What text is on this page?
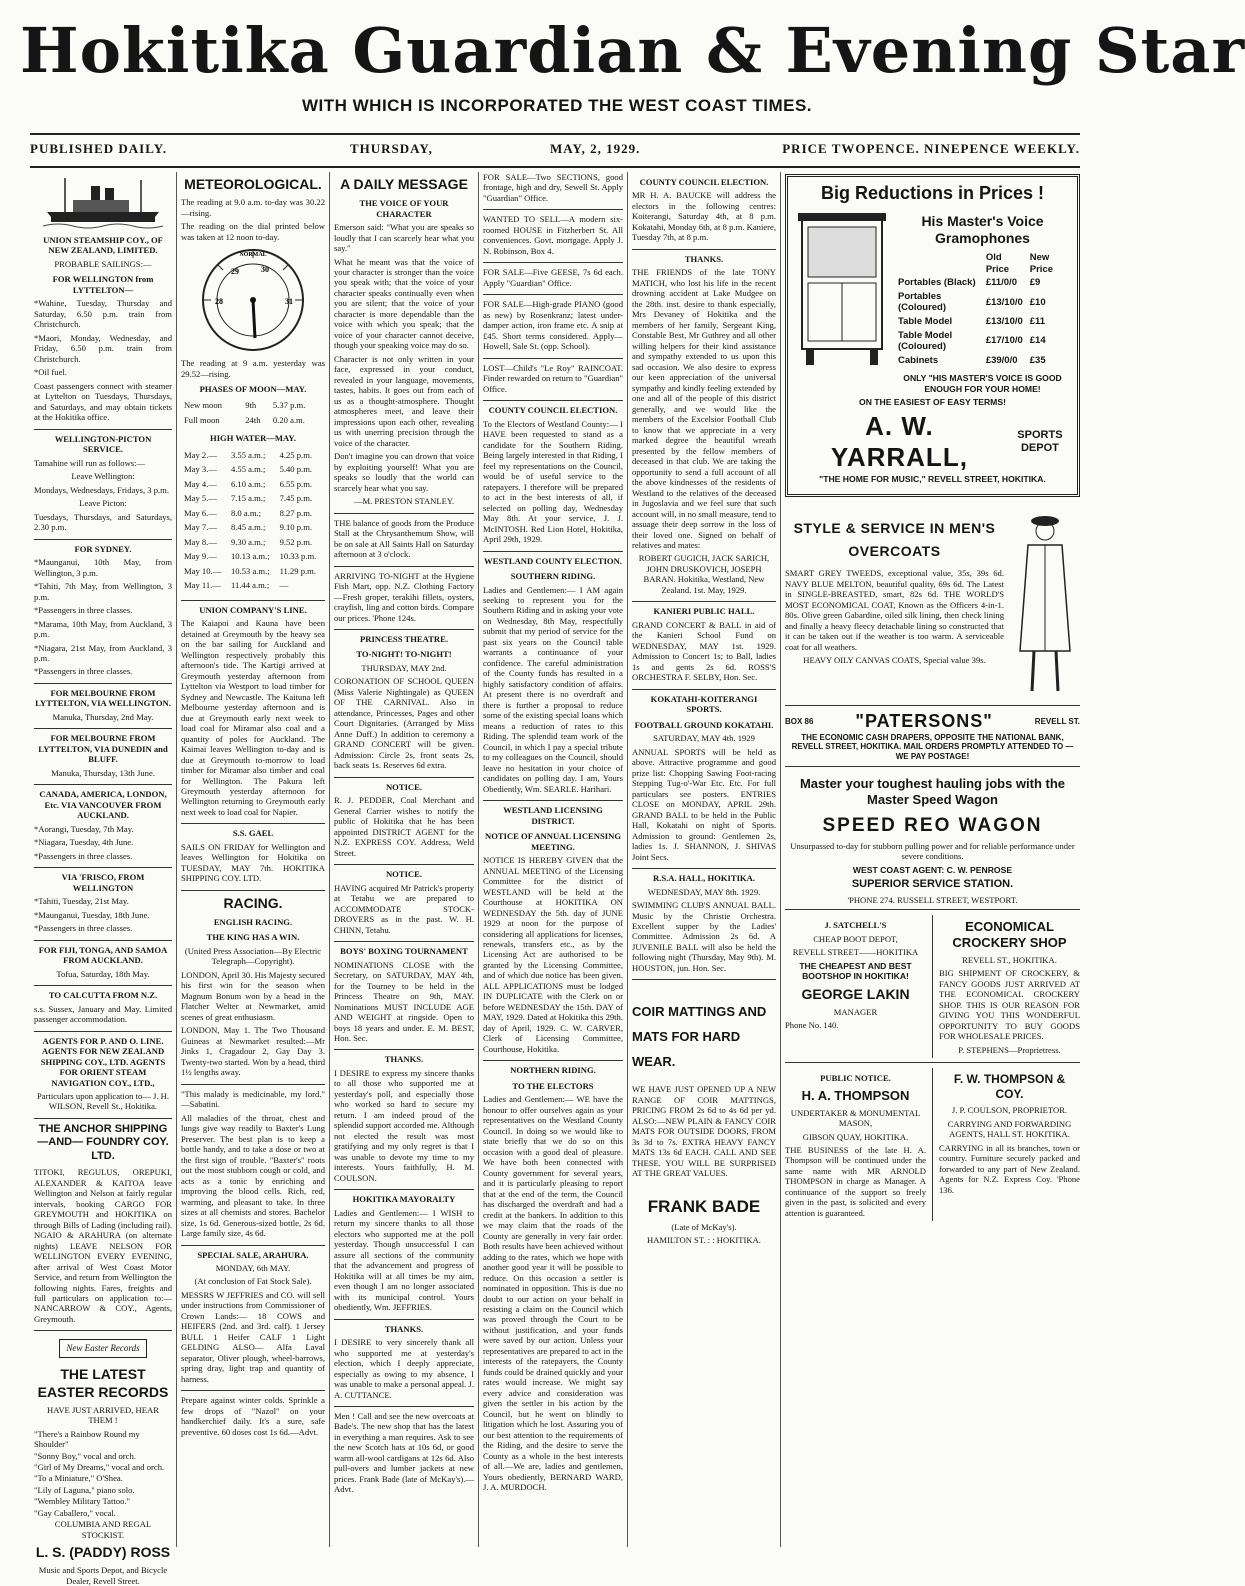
Hokitika Guardian & Evening Star
WITH WHICH IS INCORPORATED THE WEST COAST TIMES.
PUBLISHED DAILY.	THURSDAY,	MAY, 2, 1929.	PRICE TWOPENCE. NINEPENCE WEEKLY.
UNION STEAMSHIP COY., OF NEW ZEALAND, LIMITED.

PROBABLE SAILINGS:—

FOR WELLINGTON from LYTTELTON—

*Wahine, Tuesday, Thursday and Saturday, 6.50 p.m. train from Christchurch.

*Maori, Monday, Wednesday, and Friday, 6.50 p.m. train from Christchurch.

*Oil fuel.

Coast passengers connect with steamer at Lyttelton on Tuesdays, Thursdays, and Saturdays, and may obtain tickets at the Hokitika office.

WELLINGTON-PICTON SERVICE.

Tamahine will run as follows:—

Leave Wellington:

Mondays, Wednesdays, Fridays, 3 p.m.

Leave Picton:

Tuesdays, Thursdays, and Saturdays, 2.30 p.m.

FOR SYDNEY.

*Maunganui, 10th May, from Wellington, 3 p.m.

*Tahiti, 7th May, from Wellington, 3 p.m.

*Passengers in three classes.

*Marama, 10th May, from Auckland, 3 p.m.

*Niagara, 21st May, from Auckland, 3 p.m.

*Passengers in three classes.

FOR MELBOURNE FROM LYTTELTON, VIA WELLINGTON.

Manuka, Thursday, 2nd May.

FOR MELBOURNE FROM LYTTELTON, VIA DUNEDIN and BLUFF.

Manuka, Thursday, 13th June.

CANADA, AMERICA, LONDON, Etc. VIA VANCOUVER FROM AUCKLAND.

*Aorangi, Tuesday, 7th May.

*Niagara, Tuesday, 4th June.

*Passengers in three classes.

VIA 'FRISCO, FROM WELLINGTON

*Tahiti, Tuesday, 21st May.

*Maunganui, Tuesday, 18th June.

*Passengers in three classes.

FOR FIJI, TONGA, AND SAMOA FROM AUCKLAND.

Tofua, Saturday, 18th May.

TO CALCUTTA FROM N.Z.

s.s. Sussex, January and May. Limited passenger accommodation.

AGENTS FOR P. AND O. LINE. AGENTS FOR NEW ZEALAND SHIPPING COY., LTD. AGENTS FOR ORIENT STEAM NAVIGATION COY., LTD.,

Particulars upon application to— J. H. WILSON, Revell St., Hokitika.

THE ANCHOR SHIPPING —AND— FOUNDRY COY. LTD.

TITOKI, REGULUS, OREPUKI, ALEXANDER & KAITOA leave Wellington and Nelson at fairly regular intervals, booking CARGO FOR GREYMOUTH and HOKITIKA on through Bills of Lading (including rail). NGAIO & ARAHURA (on alternate nights) LEAVE NELSON FOR WELLINGTON EVERY EVENING, after arrival of West Coast Motor Service, and return from Wellington the following nights. Fares, freights and full particulars on application to:— NANCARROW & COY., Agents, Greymouth.

New Easter Records
THE LATEST EASTER RECORDS

HAVE JUST ARRIVED, HEAR THEM !

"There's a Rainbow Round my Shoulder"
"Sonny Boy," vocal and orch.
"Girl of My Dreams," vocal and orch.
"To a Miniature," O'Shea.
"Lily of Laguna," piano solo.
"Wembley Military Tattoo."
"Gay Caballero," vocal.

COLUMBIA AND REGAL STOCKIST.

L. S. (PADDY) ROSS

Music and Sports Depot, and Bicycle Dealer, Revell Street.

METEOROLOGICAL.

The reading at 9.0 a.m. to-day was 30.22—rising.

The reading on the dial printed below was taken at 12 noon to-day.

NORMAL
28
29	30
31

The reading at 9 a.m. yesterday was 29.52—rising.

PHASES OF MOON—MAY.
New moon	9th	5.37 p.m.
Full moon	24th	0.20 a.m.
HIGH WATER—MAY.
May 2.—	3.55 a.m.;	4.25 p.m.
May 3.—	4.55 a.m.;	5.40 p.m.
May 4.—	6.10 a.m.;	6.55 p.m.
May 5.—	7.15 a.m.;	7.45 p.m.
May 6.—	8.0 a.m.;	8.27 p.m.
May 7.—	8.45 a.m.;	9.10 p.m.
May 8.—	9.30 a.m.;	9.52 p.m.
May 9.—	10.13 a.m.;	10.33 p.m.
May 10.—	10.53 a.m.;	11.29 p.m.
May 11.—	11.44 a.m.;	—
UNION COMPANY'S LINE.

The Kaiapoi and Kauna have been detained at Greymouth by the heavy sea on the bar sailing for Auckland and Wellington respectively probably this afternoon's tide. The Kartigi arrived at Greymouth yesterday afternoon from Lyttelton via Westport to load timber for Sydney and Newcastle. The Kaituna left Melbourne yesterday afternoon and is due at Greymouth early next week to load coal for Miramar also coal and a quantity of poles for Auckland. The Kaimai leaves Wellington to-day and is due at Greymouth to-morrow to load timber for Miramar also timber and coal for Wellington. The Pakura left Greymouth yesterday afternoon for Wellington returning to Greymouth early next week to load coal for Napier.

S.S. GAEL

SAILS ON FRIDAY for Wellington and leaves Wellington for Hokitika on TUESDAY, MAY 7th. HOKITIKA SHIPPING COY. LTD.

RACING.
ENGLISH RACING.
THE KING HAS A WIN.

(United Press Association—By Electric Telegraph—Copyright).

LONDON, April 30. His Majesty secured his first win for the season when Magnum Bonum won by a head in the Flatcher Welter at Newmarket, amid scenes of great enthusiasm.

LONDON, May 1. The Two Thousand Guineas at Newmarket resulted:—Mr Jinks 1, Cragadour 2, Gay Day 3. Twenty-two started. Won by a head, third 1½ lengths away.

"This malady is medicinable, my lord." —Sabatini.

All maladies of the throat, chest and lungs give way readily to Baxter's Lung Preserver. The best plan is to keep a bottle handy, and to take a dose or two at the first sign of trouble. "Baxter's" roots out the most stubborn cough or cold, and acts as a tonic by enriching and improving the blood cells. Rich, red, warming, and pleasant to take. In three sizes at all chemists and stores. Bachelor size, 1s 6d. Generous-sized bottle, 2s 6d. Large family size, 4s 6d.

SPECIAL SALE, ARAHURA.

MONDAY, 6th MAY.

(At conclusion of Fat Stock Sale).

MESSRS W JEFFRIES and CO. will sell under instructions from Commissioner of Crown Lands:— 18 COWS and HEIFERS (2nd. and 3rd. calf). 1 Jersey BULL 1 Heifer CALF 1 Light GELDING ALSO— Alfa Laval separator, Oliver plough, wheel-barrows, spring dray, light trap and quantity of harness.

Prepare against winter colds. Sprinkle a few drops of "Nazol" on your handkerchief daily. It's a sure, safe preventive. 60 doses cost 1s 6d.—Advt.

A DAILY MESSAGE
THE VOICE OF YOUR CHARACTER

Emerson said: "What you are speaks so loudly that I can scarcely hear what you say."

What he meant was that the voice of your character is stronger than the voice you speak with; that the voice of your character speaks continually even when you are silent; that the voice of your character is more dependable than the voice with which you speak; that the voice of your character cannot deceive, though your speaking voice may do so.

Character is not only written in your face, expressed in your conduct, revealed in your language, movements, tastes, habits. It goes out from each of us as a thought-atmosphere. Thought atmospheres meet, and leave their impressions upon each other, revealing us with unerring precision through the voice of the character.

Don't imagine you can drown that voice by exploiting yourself! What you are speaks so loudly that the world can scarcely hear what you say.

—M. PRESTON STANLEY.

THE balance of goods from the Produce Stall at the Chrysanthemum Show, will be on sale at All Saints Hall on Saturday afternoon at 3 o'clock.

ARRIVING TO-NIGHT at the Hygiene Fish Mart, opp. N.Z. Clothing Factory—Fresh groper, terakihi fillets, oysters, crayfish, ling and cotton birds. Compare our prices. 'Phone 124s.

PRINCESS THEATRE.
TO-NIGHT! TO-NIGHT!

THURSDAY, MAY 2nd.

CORONATION OF SCHOOL QUEEN (Miss Valerie Nightingale) as QUEEN OF THE CARNIVAL. Also in attendance, Princesses, Pages and other Court Dignitaries. (Arranged by Miss Anne Duff.) In addition to ceremony a GRAND CONCERT will be given. Admission: Circle 2s, front seats 2s, back seats 1s. Reserves 6d extra.

NOTICE.

R. J. PEDDER, Coal Merchant and General Carrier wishes to notify the public of Hokitika that he has been appointed DISTRICT AGENT for the N.Z. EXPRESS COY. Address, Weld Street.

NOTICE.

HAVING acquired Mr Patrick's property at Tetahu we are prepared to ACCOMMODATE STOCK-DROVERS as in the past. W. H. CHINN, Tetahu.

BOYS' BOXING TOURNAMENT

NOMINATIONS CLOSE with the Secretary, on SATURDAY, MAY 4th, for the Tourney to be held in the Princess Theatre on 9th, MAY. Nominations MUST INCLUDE AGE AND WEIGHT at ringside. Open to boys 18 years and under. E. M. BEST, Hon. Sec.

THANKS.

I DESIRE to express my sincere thanks to all those who supported me at yesterday's poll, and especially those who worked so hard to secure my return. I am indeed proud of the splendid support accorded me. Although not elected the result was most gratifying and my only regret is that I was unable to devote my time to my interests. Yours faithfully, H. M. COULSON.

HOKITIKA MAYORALTY

Ladies and Gentlemen:— I WISH to return my sincere thanks to all those electors who supported me at the poll yesterday. Though unsuccessful I can assure all sections of the community that the advancement and progress of Hokitika will at all times be my aim, even though I am no longer associated with its municipal control. Yours obediently, Wm. JEFFRIES.

THANKS.

I DESIRE to very sincerely thank all who supported me at yesterday's election, which I deeply appreciate, especially as owing to my absence, I was unable to make a personal appeal. J. A. CUTTANCE.

Men ! Call and see the new overcoats at Bade's. The new shop that has the latest in everything a man requires. Ask to see the new Scotch hats at 10s 6d, or good warm all-wool cardigans at 12s 6d. Also pull-overs and lumber jackets at new prices. Frank Bade (late of McKay's).—Advt.

FOR SALE—Two SECTIONS, good frontage, high and dry, Sewell St. Apply "Guardian" Office.

WANTED TO SELL—A modern six-roomed HOUSE in Fitzherbert St. All conveniences. Govt. mortgage. Apply J. N. Robinson, Box 4.

FOR SALE—Five GEESE, 7s 6d each. Apply "Guardian" Office.

FOR SALE—High-grade PIANO (good as new) by Rosenkranz; latest under-damper action, iron frame etc. A snip at £45. Short terms considered. Apply—Howell, Sale St. (opp. School).

LOST—Child's "Le Roy" RAINCOAT. Finder rewarded on return to "Guardian" Office.

COUNTY COUNCIL ELECTION.

To the Electors of Westland County:— I HAVE been requested to stand as a candidate for the Southern Riding. Being largely interested in that Riding, I feel my representations on the Council, would be of useful service to the ratepayers. I therefore will be prepared to act in the best interests of all, if selected on polling day, Wednesday May 8th. At your service, J. J. McINTOSH. Red Lion Hotel, Hokitika, April 29th, 1929.

WESTLAND COUNTY ELECTION.
SOUTHERN RIDING.

Ladies and Gentlemen:— I AM again seeking to represent you for the Southern Riding and in asking your vote on Wednesday, 8th May, respectfully submit that my period of service for the past six years on the Council table warrants a continuance of your confidence. The careful administration of the County funds has resulted in a highly satisfactory condition of affairs. At present there is no overdraft and there is further a proposal to reduce some of the existing special loans which means a reduction of rates to this Riding. The splendid team work of the Council, in which I pay a special tribute to my colleagues on the Council, should leave no hesitation in your choice of candidates on polling day. I am, Yours Obediently, Wm. SEARLE. Harihari.

WESTLAND LICENSING DISTRICT.
NOTICE OF ANNUAL LICENSING MEETING.

NOTICE IS HEREBY GIVEN that the ANNUAL MEETING of the Licensing Committee for the district of WESTLAND will be held at the Courthouse at HOKITIKA ON WEDNESDAY the 5th. day of JUNE 1929 at noon for the purpose of considering all applications for licenses, renewals, transfers etc., as by the Licensing Act are authorised to be granted by the Licensing Committee, and of which due notice has been given. ALL APPLICATIONS must be lodged IN DUPLICATE with the Clerk on or before WEDNESDAY the 15th. DAY of MAY, 1929. Dated at Hokitika this 29th. day of April, 1929. C. W. CARVER, Clerk of Licensing Committee, Courthouse, Hokitika.

NORTHERN RIDING.
TO THE ELECTORS

Ladies and Gentlemen:— WE have the honour to offer ourselves again as your representatives on the Westland County Council. In doing so we would like to state briefly that we do so on this occasion with a good deal of pleasure. We have both been connected with County government for several years, and it is particularly pleasing to report that at the end of the term, the Council has discharged the overdraft and had a credit at the bankers. In addition to this we may claim that the roads of the County are generally in very fair order. Both results have been achieved without adding to the rates, which we hope with another good year it will be possible to reduce. On this occasion a settler is nominated in opposition. This is due no doubt to our action on your behalf in resisting a claim on the Council which was proved through the Court to be without justification, and your funds were saved by our action. Unless your representatives are prepared to act in the interests of the ratepayers, the County funds could be drained quickly and your rates would increase. We might say every advice and consideration was given the settler in his action by the Council, but he went on blindly to litigation which he lost. Assuring you of our best attention to the requirements of the Riding, and the desire to serve the County as a whole in the best interests of all.—We are, ladies and gentlemen, Yours obediently, BERNARD WARD, J. A. MURDOCH.

COUNTY COUNCIL ELECTION.

MR H. A. BAUCKE will address the electors in the following centres: Koiterangi, Saturday 4th, at 8 p.m. Kokatahi, Monday 6th, at 8 p.m. Kaniere, Tuesday 7th, at 8 p.m.

THANKS.

THE FRIENDS of the late TONY MATICH, who lost his life in the recent drowning accident at Lake Mudgee on the 28th. inst. desire to thank especially, Mrs Devaney of Hokitika and the members of her family, Sergeant King, Constable Best, Mr Guthrey and all other willing helpers for their kind assistance and sympathy extended to us upon this sad occasion. We also desire to express our keen appreciation of the universal sympathy and kindly feeling extended by one and all of the people of this district generally, and we would like the members of the Excelsior Football Club to know that we appreciate in a very marked degree the beautiful wreath presented by the fellow members of deceased in that club. We are taking the opportunity to send a full account of all the above kindnesses of the residents of Westland to the relatives of the deceased in Jugoslavia and we feel sure that such account will, in no small measure, tend to assuage their deep sorrow in the loss of their loved one. Signed on behalf of relatives and mates:

ROBERT GUGICH, JACK SARICH, JOHN DRUSKOVICH, JOSEPH BARAN. Hokitika, Westland, New Zealand. 1st. May, 1929.

KANIERI PUBLIC HALL.

GRAND CONCERT & BALL in aid of the Kanieri School Fund on WEDNESDAY, MAY 1st. 1929. Admission to Concert 1s; to Ball, ladies 1s and gents 2s 6d. ROSS'S ORCHESTRA F. SELBY, Hon. Sec.

KOKATAHI-KOITERANGI SPORTS.
FOOTBALL GROUND KOKATAHI.

SATURDAY, MAY 4th. 1929

ANNUAL SPORTS will be held as above. Attractive programme and good prize list: Chopping Sawing Foot-racing Stepping Tug-o'-War Etc. Etc. For full particulars see posters. ENTRIES CLOSE on MONDAY, APRIL 29th. GRAND BALL to be held in the Public Hall, Kokatahi on night of Sports. Admission to ground: Gentlemen 2s, ladies 1s. J. SHANNON, J. SHIVAS Joint Secs.

R.S.A. HALL, HOKITIKA.

WEDNESDAY, MAY 8th. 1929.

SWIMMING CLUB'S ANNUAL BALL. Music by the Christie Orchestra. Excellent supper by the Ladies' Committee. Admission 2s 6d. A JUVENILE BALL will also be held the following night (Thursday, May 9th). M. HOUSTON, jun. Hon. Sec.

COIR MATTINGS AND MATS FOR HARD WEAR.

WE HAVE JUST OPENED UP A NEW RANGE OF COIR MATTINGS, PRICING FROM 2s 6d to 4s 6d per yd. ALSO:—NEW PLAIN & FANCY COIR MATS FOR OUTSIDE DOORS, FROM 3s 3d to 7s. EXTRA HEAVY FANCY MATS 13s 6d EACH. CALL AND SEE THESE. YOU WILL BE SURPRISED AT THE GREAT VALUES.

FRANK BADE

(Late of McKay's).

HAMILTON ST. : : HOKITIKA.

Big Reductions in Prices !
His Master's Voice Gramophones
	Old Price	New Price
Portables (Black)	£11/0/0	£9
Portables (Coloured)	£13/10/0	£10
Table Model	£13/10/0	£11
Table Model (Coloured)	£17/10/0	£14
Cabinets	£39/0/0	£35

ONLY "HIS MASTER'S VOICE IS GOOD ENOUGH FOR YOUR HOME!

ON THE EASIEST OF EASY TERMS!

A. W. YARRALL,
SPORTS DEPOT

"THE HOME FOR MUSIC," REVELL STREET, HOKITIKA.

STYLE & SERVICE IN MEN'S OVERCOATS

SMART GREY TWEEDS, exceptional value, 35s, 39s 6d. NAVY BLUE MELTON, beautiful quality, 69s 6d. The Latest in SINGLE-BREASTED, smart, 82s 6d. THE WORLD'S MOST ECONOMICAL COAT, Known as the Officers 4-in-1. 80s. Olive green Gabardine, oiled silk lining, then check lining and finally a heavy fleecy detachable lining so constructed that it can be taken out if the weather is too warm. A serviceable coat for all weathers.

HEAVY OILY CANVAS COATS, Special value 39s.

BOX 86 "PATERSONS"	REVELL ST.

THE ECONOMIC CASH DRAPERS, OPPOSITE THE NATIONAL BANK, REVELL STREET, HOKITIKA. MAIL ORDERS PROMPTLY ATTENDED TO — WE PAY POSTAGE!

Master your toughest hauling jobs with the Master Speed Wagon
SPEED REO WAGON

Unsurpassed to-day for stubborn pulling power and for reliable performance under severe conditions.

WEST COAST AGENT: C. W. PENROSE

SUPERIOR SERVICE STATION.

'PHONE 274. RUSSELL STREET, WESTPORT.

J. SATCHELL'S

CHEAP BOOT DEPOT,

REVELL STREET——HOKITIKA

THE CHEAPEST AND BEST BOOTSHOP IN HOKITIKA!

GEORGE LAKIN

MANAGER

Phone No. 140.

ECONOMICAL CROCKERY SHOP

REVELL ST., HOKITIKA.

BIG SHIPMENT OF CROCKERY, & FANCY GOODS JUST ARRIVED AT THE ECONOMICAL CROCKERY SHOP. THIS IS OUR REASON FOR GIVING YOU THIS WONDERFUL OPPORTUNITY TO BUY GOODS FOR WHOLESALE PRICES.

P. STEPHENS—Proprietress.

PUBLIC NOTICE.
H. A. THOMPSON

UNDERTAKER & MONUMENTAL MASON,

GIBSON QUAY, HOKITIKA.

THE BUSINESS of the late H. A. Thompson will be continued under the same name with MR ARNOLD THOMPSON in charge as Manager. A continuance of the support so freely given in the past, is solicited and every attention is guaranteed.

F. W. THOMPSON & COY.

J. P. COULSON, PROPRIETOR.

CARRYING AND FORWARDING AGENTS, HALL ST. HOKITIKA.

CARRYING in all its branches, town or country. Furniture securely packed and forwarded to any part of New Zealand. Agents for N.Z. Express Coy. 'Phone 136.
